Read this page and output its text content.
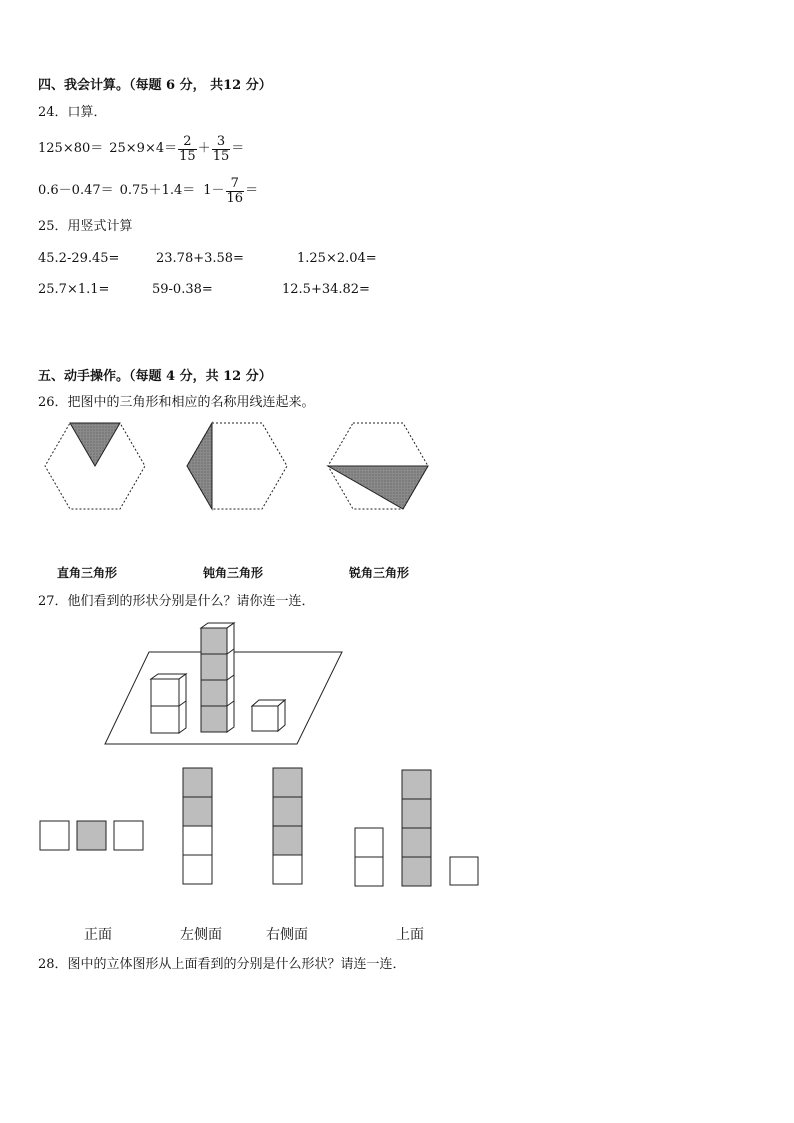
四、我会计算。（每题 6 分， 共12 分）
24．口算．
$125\times 80= 25\times 9\times 4= \frac{2}{15} + \frac{3}{15}$ ＝
$0.6-0.47= 0.75+1.4= 1- \frac{7}{16}$ ＝
25．用竖式计算
45.2-29.45=	23.78+3.58=	1.25×2.04=
25.7×1.1=	59-0.38=	12.5+34.82=
五、动手操作。（每题 4 分，共 12 分）
26．把图中的三角形和相应的名称用线连起来。
直角三角形	钝角三角形	锐角三角形
27．他们看到的形状分别是什么？请你连一连．
正面	左侧面	右侧面	上面
28．图中的立体图形从上面看到的分别是什么形状？请连一连．
